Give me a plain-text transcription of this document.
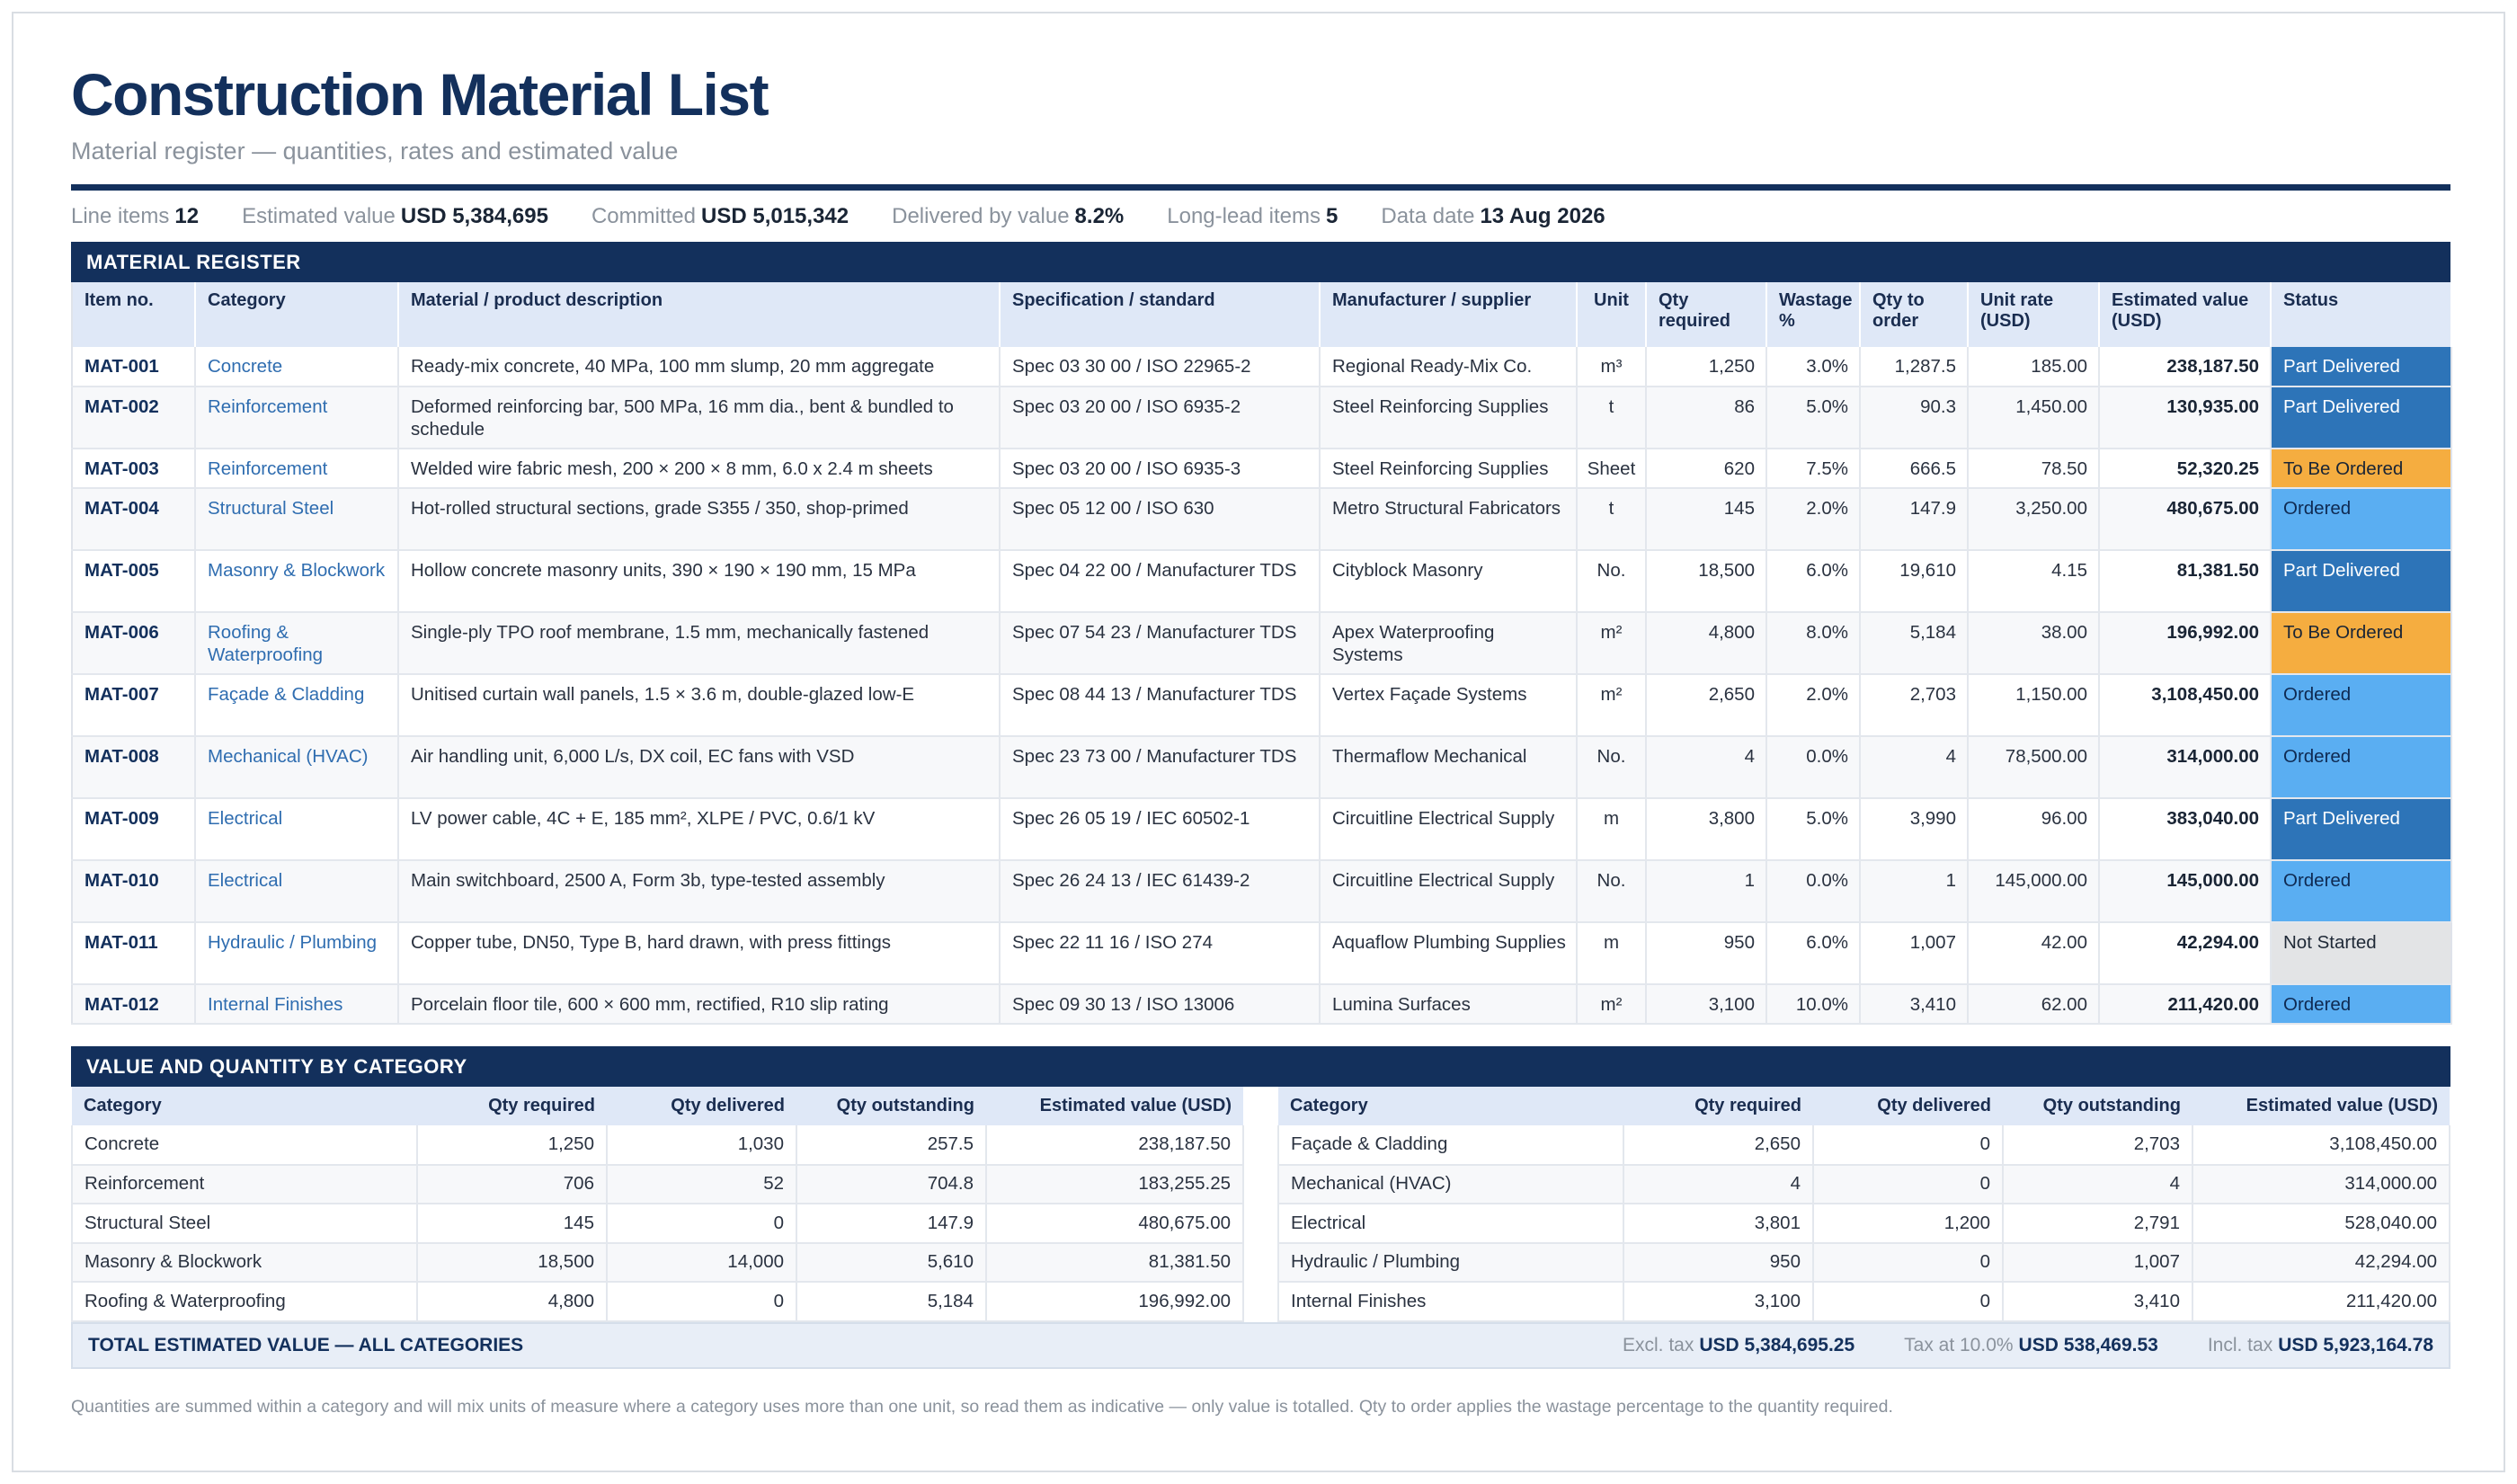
Construction Material List
Material register — quantities, rates and estimated value
Line items 12 Estimated value USD 5,384,695 Committed USD 5,015,342 Delivered by value 8.2% Long-lead items 5 Data date 13 Aug 2026
MATERIAL REGISTER
Item no.	Category	Material / product description	Specification / standard	Manufacturer / supplier	Unit	Qty required	Wastage %	Qty to order	Unit rate (USD)	Estimated value (USD)	Status
MAT-001	Concrete	Ready-mix concrete, 40 MPa, 100 mm slump, 20 mm aggregate	Spec 03 30 00 / ISO 22965-2	Regional Ready-Mix Co.	m³	1,250	3.0%	1,287.5	185.00	238,187.50	Part Delivered
MAT-002	Reinforcement	Deformed reinforcing bar, 500 MPa, 16 mm dia., bent & bundled to schedule	Spec 03 20 00 / ISO 6935-2	Steel Reinforcing Supplies	t	86	5.0%	90.3	1,450.00	130,935.00	Part Delivered
MAT-003	Reinforcement	Welded wire fabric mesh, 200 × 200 × 8 mm, 6.0 x 2.4 m sheets	Spec 03 20 00 / ISO 6935-3	Steel Reinforcing Supplies	Sheet	620	7.5%	666.5	78.50	52,320.25	To Be Ordered
MAT-004	Structural Steel	Hot-rolled structural sections, grade S355 / 350, shop-primed	Spec 05 12 00 / ISO 630	Metro Structural Fabricators	t	145	2.0%	147.9	3,250.00	480,675.00	Ordered
MAT-005	Masonry & Blockwork	Hollow concrete masonry units, 390 × 190 × 190 mm, 15 MPa	Spec 04 22 00 / Manufacturer TDS	Cityblock Masonry	No.	18,500	6.0%	19,610	4.15	81,381.50	Part Delivered
MAT-006	Roofing & Waterproofing	Single-ply TPO roof membrane, 1.5 mm, mechanically fastened	Spec 07 54 23 / Manufacturer TDS	Apex Waterproofing Systems	m²	4,800	8.0%	5,184	38.00	196,992.00	To Be Ordered
MAT-007	Façade & Cladding	Unitised curtain wall panels, 1.5 × 3.6 m, double-glazed low-E	Spec 08 44 13 / Manufacturer TDS	Vertex Façade Systems	m²	2,650	2.0%	2,703	1,150.00	3,108,450.00	Ordered
MAT-008	Mechanical (HVAC)	Air handling unit, 6,000 L/s, DX coil, EC fans with VSD	Spec 23 73 00 / Manufacturer TDS	Thermaflow Mechanical	No.	4	0.0%	4	78,500.00	314,000.00	Ordered
MAT-009	Electrical	LV power cable, 4C + E, 185 mm², XLPE / PVC, 0.6/1 kV	Spec 26 05 19 / IEC 60502-1	Circuitline Electrical Supply	m	3,800	5.0%	3,990	96.00	383,040.00	Part Delivered
MAT-010	Electrical	Main switchboard, 2500 A, Form 3b, type-tested assembly	Spec 26 24 13 / IEC 61439-2	Circuitline Electrical Supply	No.	1	0.0%	1	145,000.00	145,000.00	Ordered
MAT-011	Hydraulic / Plumbing	Copper tube, DN50, Type B, hard drawn, with press fittings	Spec 22 11 16 / ISO 274	Aquaflow Plumbing Supplies	m	950	6.0%	1,007	42.00	42,294.00	Not Started
MAT-012	Internal Finishes	Porcelain floor tile, 600 × 600 mm, rectified, R10 slip rating	Spec 09 30 13 / ISO 13006	Lumina Surfaces	m²	3,100	10.0%	3,410	62.00	211,420.00	Ordered
VALUE AND QUANTITY BY CATEGORY
Category	Qty required	Qty delivered	Qty outstanding	Estimated value (USD)
Concrete	1,250	1,030	257.5	238,187.50
Reinforcement	706	52	704.8	183,255.25
Structural Steel	145	0	147.9	480,675.00
Masonry & Blockwork	18,500	14,000	5,610	81,381.50
Roofing & Waterproofing	4,800	0	5,184	196,992.00
Category	Qty required	Qty delivered	Qty outstanding	Estimated value (USD)
Façade & Cladding	2,650	0	2,703	3,108,450.00
Mechanical (HVAC)	4	0	4	314,000.00
Electrical	3,801	1,200	2,791	528,040.00
Hydraulic / Plumbing	950	0	1,007	42,294.00
Internal Finishes	3,100	0	3,410	211,420.00
TOTAL ESTIMATED VALUE — ALL CATEGORIES	Excl. tax USD 5,384,695.25	Tax at 10.0% USD 538,469.53	Incl. tax USD 5,923,164.78
Quantities are summed within a category and will mix units of measure where a category uses more than one unit, so read them as indicative — only value is totalled. Qty to order applies the wastage percentage to the quantity required.
